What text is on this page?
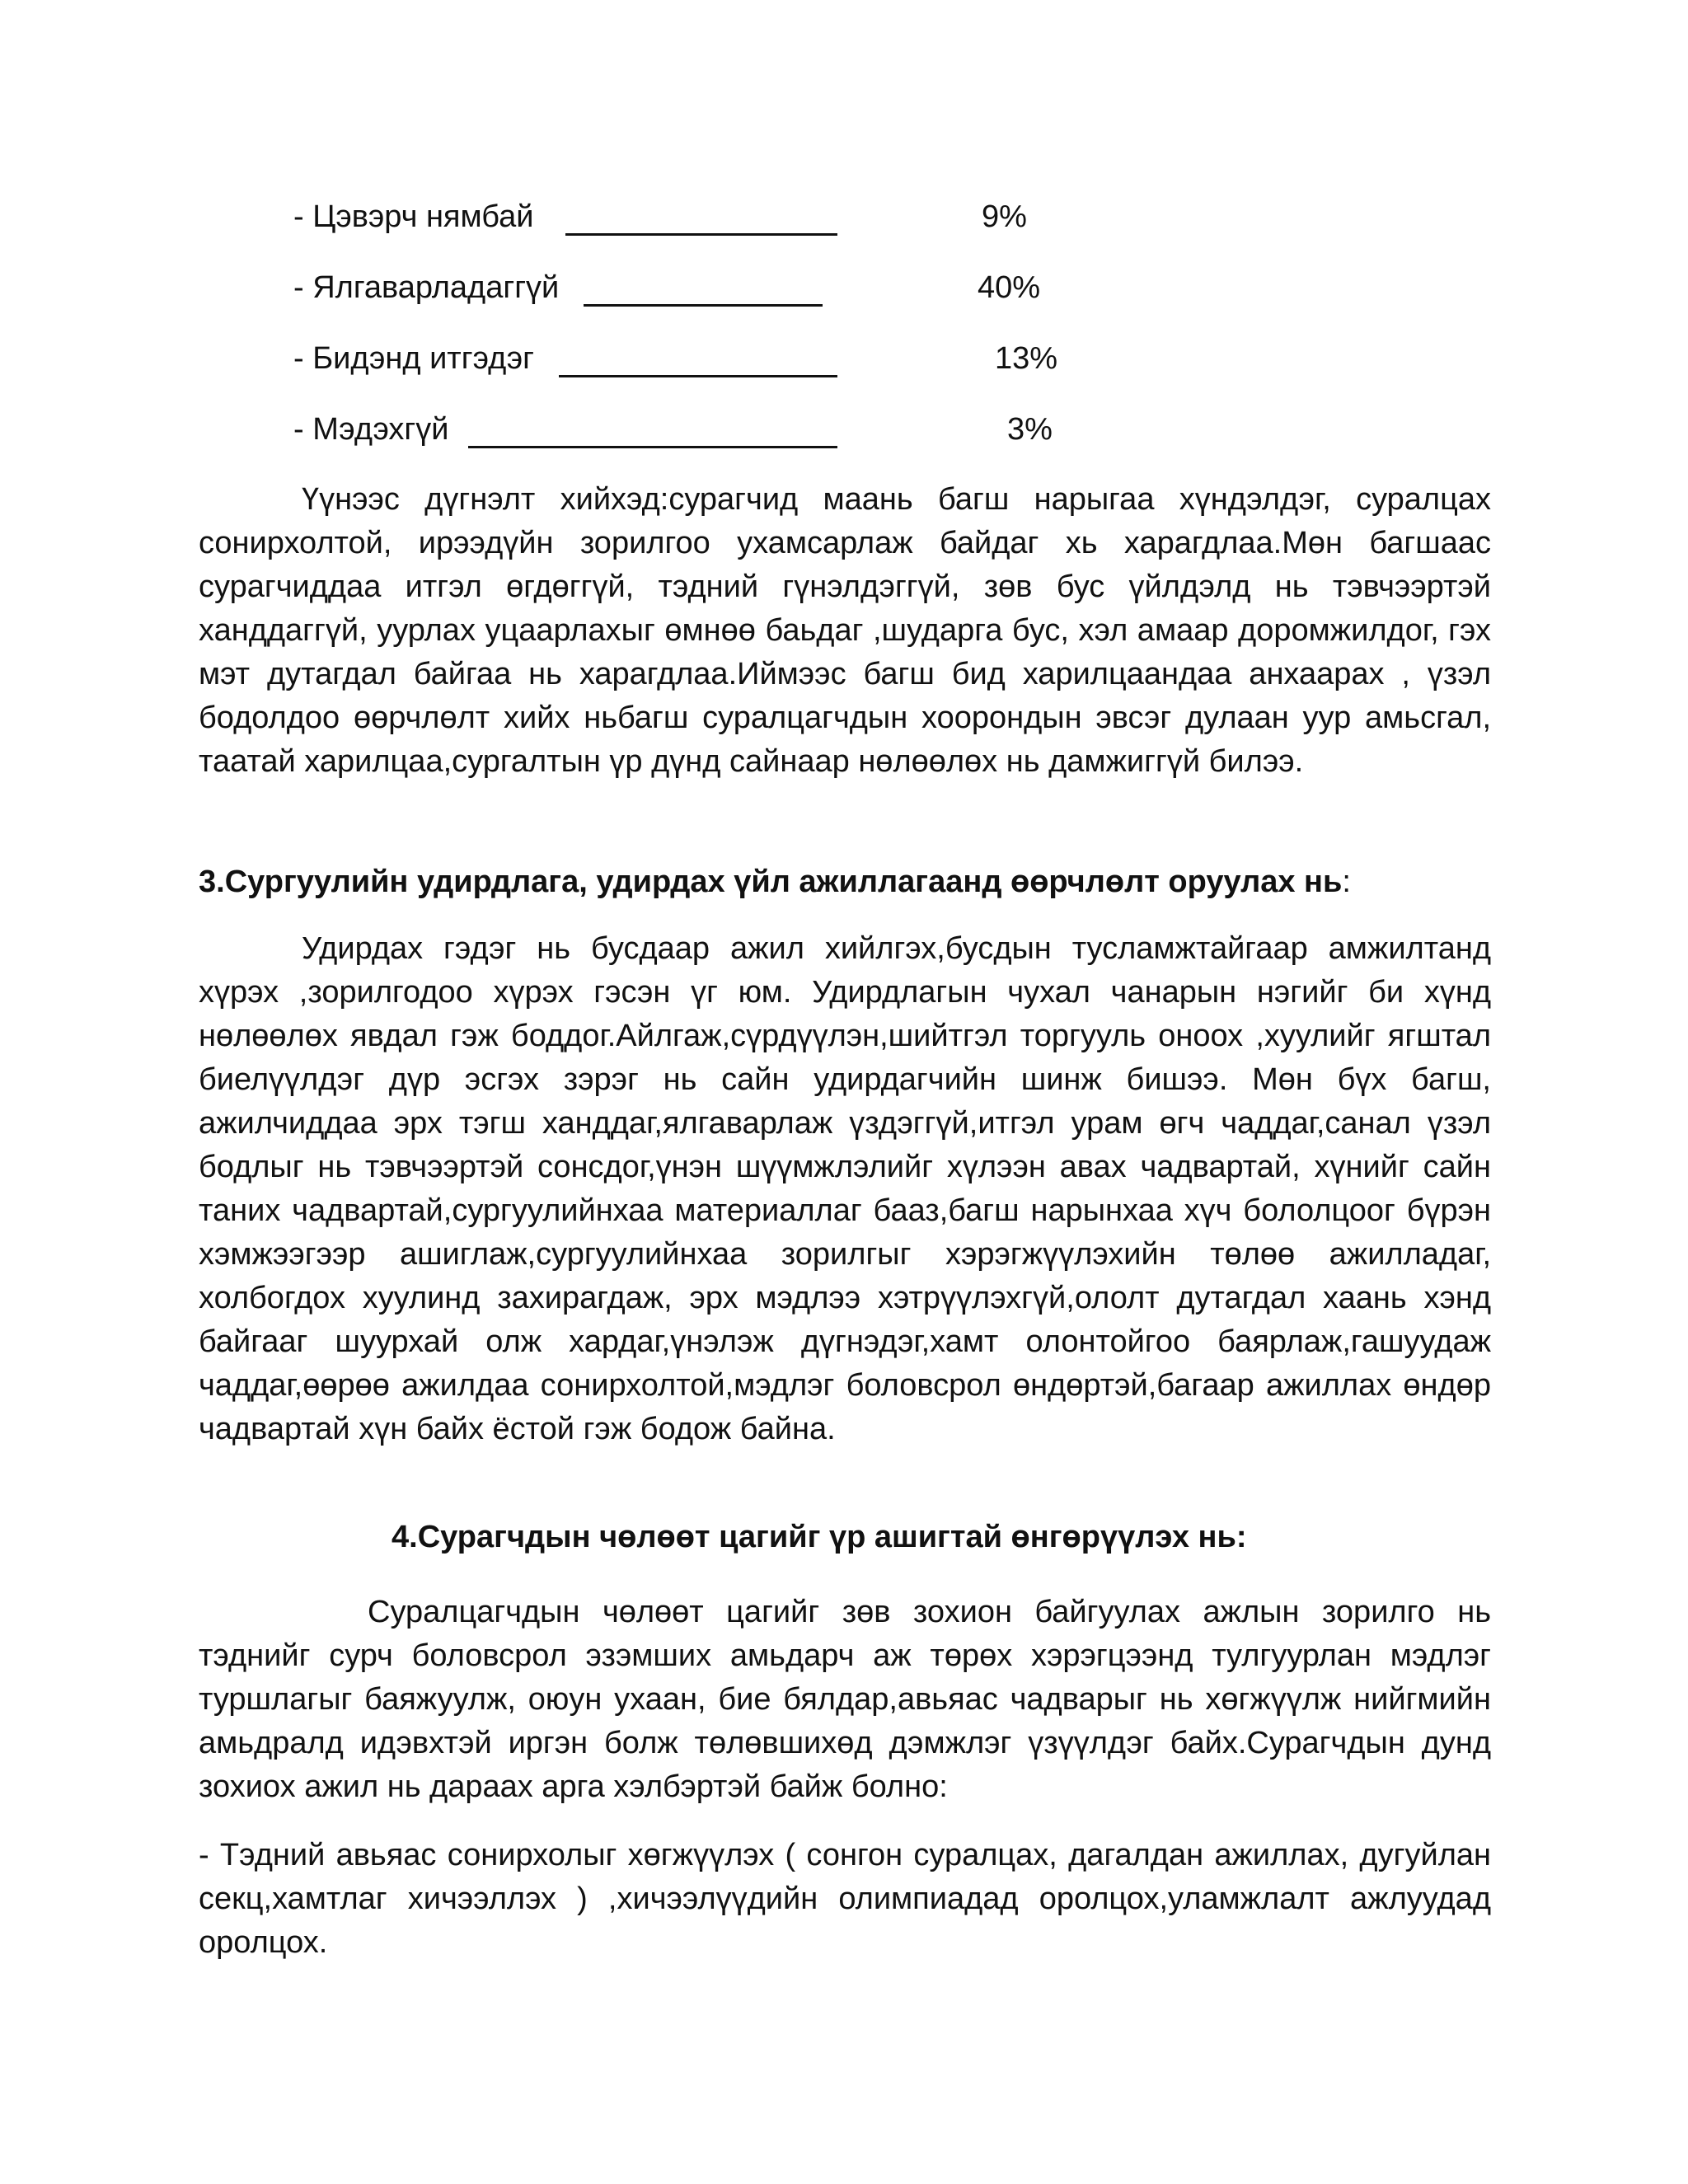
- Цэвэрч нямбай	9%
- Ялгаварладаггүй	40%
- Бидэнд итгэдэг	13%
- Мэдэхгүй	3%

Үүнээс дүгнэлт хийхэд:сурагчид маань багш нарыгаа хүндэлдэг, суралцах сонирхолтой, ирээдүйн зорилгоо ухамсарлаж байдаг хь харагдлаа.Мөн багшаас сурагчиддаа итгэл өгдөггүй, тэдний гүнэлдэггүй, зөв бус үйлдэлд нь тэвчээртэй ханддаггүй, уурлах уцаарлахыг өмнөө баьдаг ,шударга бус, хэл амаар доромжилдог, гэх мэт дутагдал байгаа нь харагдлаа.Иймээс багш бид харилцаандаа анхаарах , үзэл бодолдоо өөрчлөлт хийх ньбагш суралцагчдын хоорондын эвсэг дулаан уур амьсгал, таатай харилцаа,сургалтын үр дүнд сайнаар нөлөөлөх нь дамжиггүй билээ.

3.Сургуулийн удирдлага, удирдах үйл ажиллагаанд өөрчлөлт оруулах нь:

Удирдах гэдэг нь бусдаар ажил хийлгэх,бусдын тусламжтайгаар амжилтанд хүрэх ,зорилгодоо хүрэх гэсэн үг юм. Удирдлагын чухал чанарын нэгийг би хүнд нөлөөлөх явдал гэж боддог.Айлгаж,сүрдүүлэн,шийтгэл торгууль оноох ,хуулийг ягштал биелүүлдэг дүр эсгэх зэрэг нь сайн удирдагчийн шинж бишээ. Мөн бүх багш, ажилчиддаа эрх тэгш ханддаг,ялгаварлаж үздэггүй,итгэл урам өгч чаддаг,санал үзэл бодлыг нь тэвчээртэй сонсдог,үнэн шүүмжлэлийг хүлээн авах чадвартай, хүнийг сайн таних чадвартай,сургуулийнхаа материаллаг бааз,багш нарынхаа хүч бололцоог бүрэн хэмжээгээр ашиглаж,сургуулийнхаа зорилгыг хэрэгжүүлэхийн төлөө ажилладаг, холбогдох хуулинд захирагдаж, эрх мэдлээ хэтрүүлэхгүй,ололт дутагдал хаань хэнд байгааг шуурхай олж хардаг,үнэлэж дүгнэдэг,хамт олонтойгоо баярлаж,гашуудаж чаддаг,өөрөө ажилдаа сонирхолтой,мэдлэг боловсрол өндөртэй,багаар ажиллах өндөр чадвартай хүн байх ёстой гэж бодож байна.

4.Сурагчдын чөлөөт цагийг үр ашигтай өнгөрүүлэх нь:

Суралцагчдын чөлөөт цагийг зөв зохион байгуулах ажлын зорилго нь тэднийг сурч боловсрол эзэмших амьдарч аж төрөх хэрэгцээнд тулгуурлан мэдлэг туршлагыг баяжуулж, оюун ухаан, бие бялдар,авьяас чадварыг нь хөгжүүлж нийгмийн амьдралд идэвхтэй иргэн болж төлөвшихөд дэмжлэг үзүүлдэг байх.Сурагчдын дунд зохиох ажил нь дараах арга хэлбэртэй байж болно:

- Тэдний авьяас сонирхолыг хөгжүүлэх ( сонгон суралцах, дагалдан ажиллах, дугуйлан секц,хамтлаг хичээллэх ) ,хичээлүүдийн олимпиадад оролцох,уламжлалт ажлуудад оролцох.
